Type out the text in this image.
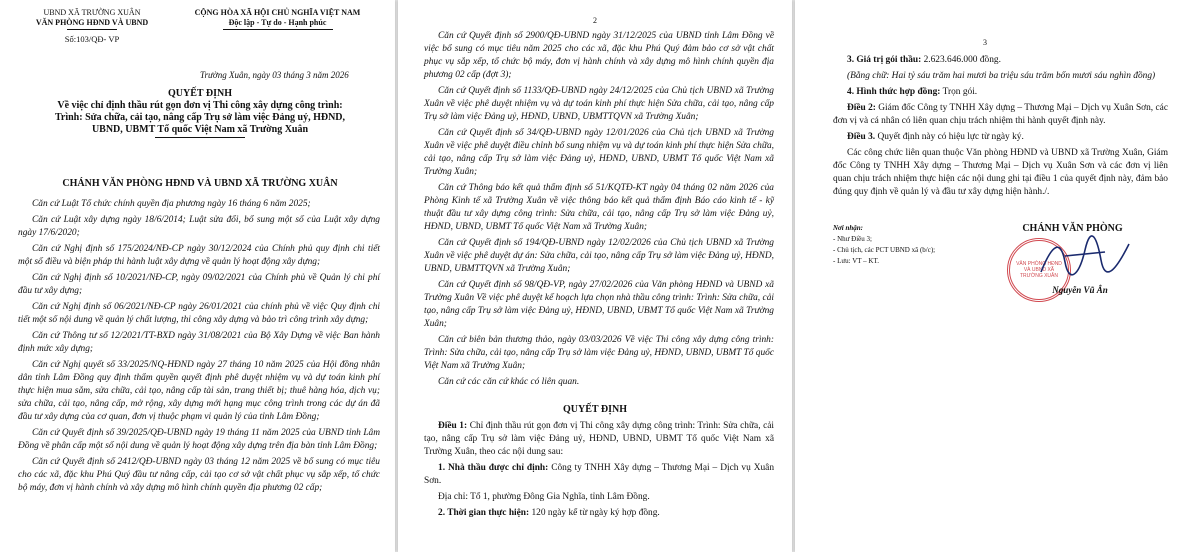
UBND XÃ TRƯỜNG XUÂN
VĂN PHÒNG HĐND VÀ UBND
Số:103/QĐ- VP
CỘNG HÒA XÃ HỘI CHỦ NGHĨA VIỆT NAM
Độc lập - Tự do - Hạnh phúc
Trường Xuân, ngày 03 tháng 3 năm 2026
QUYẾT ĐỊNH
Về việc chỉ định thầu rút gọn đơn vị Thi công xây dựng công trình:
Trình: Sửa chữa, cải tạo, nâng cấp Trụ sở làm việc Đảng uỷ, HĐND,
UBND, UBMT Tổ quốc Việt Nam xã Trường Xuân
CHÁNH VĂN PHÒNG HĐND VÀ UBND XÃ TRƯỜNG XUÂN

Căn cứ Luật Tổ chức chính quyền địa phương ngày 16 tháng 6 năm 2025;

Căn cứ Luật xây dựng ngày 18/6/2014; Luật sửa đổi, bổ sung một số của Luật xây dựng ngày 17/6/2020;

Căn cứ Nghị định số 175/2024/NĐ-CP ngày 30/12/2024 của Chính phủ quy định chi tiết một số điều và biện pháp thi hành luật xây dựng về quản lý hoạt động xây dựng;

Căn cứ Nghị định số 10/2021/NĐ-CP, ngày 09/02/2021 của Chính phủ về Quản lý chi phí đầu tư xây dựng;

Căn cứ Nghị định số 06/2021/NĐ-CP ngày 26/01/2021 của chính phủ về việc Quy định chi tiết một số nội dung về quản lý chất lượng, thi công xây dựng và bảo trì công trình xây dựng;

Căn cứ Thông tư số 12/2021/TT-BXD ngày 31/08/2021 của Bộ Xây Dựng về việc Ban hành định mức xây dựng;

Căn cứ Nghị quyết số 33/2025/NQ-HĐND ngày 27 tháng 10 năm 2025 của Hội đồng nhân dân tỉnh Lâm Đồng quy định thẩm quyền quyết định phê duyệt nhiệm vụ và dự toán kinh phí thực hiện mua sắm, sửa chữa, cải tạo, nâng cấp tài sản, trang thiết bị; thuê hàng hóa, dịch vụ; sửa chữa, cải tạo, nâng cấp, mở rộng, xây dựng mới hạng mục công trình trong các dự án đã đầu tư xây dựng của cơ quan, đơn vị thuộc phạm vi quản lý của tỉnh Lâm Đồng;

Căn cứ Quyết định số 39/2025/QĐ-UBND ngày 19 tháng 11 năm 2025 của UBND tỉnh Lâm Đồng về phân cấp một số nội dung về quản lý hoạt động xây dựng trên địa bàn tỉnh Lâm Đồng;

Căn cứ Quyết định số 2412/QĐ-UBND ngày 03 tháng 12 năm 2025 về bổ sung có mục tiêu cho các xã, đặc khu Phú Quý đầu tư nâng cấp, cải tạo cơ sở vật chất phục vụ sắp xếp, tổ chức bộ máy, đơn vị hành chính và xây dựng mô hình chính quyền địa phương 02 cấp;

2

Căn cứ Quyết định số 2900/QĐ-UBND ngày 31/12/2025 của UBND tỉnh Lâm Đồng về việc bổ sung có mục tiêu năm 2025 cho các xã, đặc khu Phú Quý đảm bảo cơ sở vật chất phục vụ sắp xếp, tổ chức bộ máy, đơn vị hành chính và xây dựng mô hình chính quyền địa phương 02 cấp (đợt 3);

Căn cứ Quyết định số 1133/QĐ-UBND ngày 24/12/2025 của Chủ tịch UBND xã Trường Xuân về việc phê duyệt nhiệm vụ và dự toán kinh phí thực hiện Sửa chữa, cải tạo, nâng cấp Trụ sở làm việc Đảng uỷ, HĐND, UBND, UBMTTQVN xã Trường Xuân;

Căn cứ Quyết định số 34/QĐ-UBND ngày 12/01/2026 của Chủ tịch UBND xã Trường Xuân về việc phê duyệt điều chỉnh bổ sung nhiệm vụ và dự toán kinh phí thực hiện Sửa chữa, cải tạo, nâng cấp Trụ sở làm việc Đảng uỷ, HĐND, UBND, UBMT Tổ quốc Việt Nam xã Trường Xuân;

Căn cứ Thông báo kết quả thẩm định số 51/KQTĐ-KT ngày 04 tháng 02 năm 2026 của Phòng Kinh tế xã Trường Xuân về việc thông báo kết quả thẩm định Báo cáo kinh tế - kỹ thuật đầu tư xây dựng công trình: Sửa chữa, cải tạo, nâng cấp Trụ sở làm việc Đảng uỷ, HĐND, UBND, UBMT Tổ quốc Việt Nam xã Trường Xuân;

Căn cứ Quyết định số 194/QĐ-UBND ngày 12/02/2026 của Chủ tịch UBND xã Trường Xuân về việc phê duyệt dự án: Sửa chữa, cải tạo, nâng cấp Trụ sở làm việc Đảng uỷ, HĐND, UBND, UBMTTQVN xã Trường Xuân;

Căn cứ Quyết định số 98/QĐ-VP, ngày 27/02/2026 của Văn phòng HĐND và UBND xã Trường Xuân Về việc phê duyệt kế hoạch lựa chọn nhà thầu công trình: Trình: Sửa chữa, cải tạo, nâng cấp Trụ sở làm việc Đảng uỷ, HĐND, UBND, UBMT Tổ quốc Việt Nam xã Trường Xuân;

Căn cứ biên bản thương thảo, ngày 03/03/2026 Về việc Thi công xây dựng công trình: Trình: Sửa chữa, cải tạo, nâng cấp Trụ sở làm việc Đảng uỷ, HĐND, UBND, UBMT Tổ quốc Việt Nam xã Trường Xuân;

Căn cứ các căn cứ khác có liên quan.

QUYẾT ĐỊNH

Điều 1: Chỉ định thầu rút gọn đơn vị Thi công xây dựng công trình: Trình: Sửa chữa, cải tạo, nâng cấp Trụ sở làm việc Đảng uỷ, HĐND, UBND, UBMT Tổ quốc Việt Nam xã Trường Xuân, theo các nội dung sau:

1. Nhà thầu được chỉ định: Công ty TNHH Xây dựng – Thương Mại – Dịch vụ Xuân Sơn.

Địa chỉ: Tổ 1, phường Đông Gia Nghĩa, tỉnh Lâm Đồng.

2. Thời gian thực hiện: 120 ngày kể từ ngày ký hợp đồng.

3

3. Giá trị gói thầu: 2.623.646.000 đồng.

(Bằng chữ: Hai tỷ sáu trăm hai mươi ba triệu sáu trăm bốn mươi sáu nghìn đồng)

4. Hình thức hợp đồng: Trọn gói.

Điều 2: Giám đốc Công ty TNHH Xây dựng – Thương Mại – Dịch vụ Xuân Sơn, các đơn vị và cá nhân có liên quan chịu trách nhiệm thi hành quyết định này.

Điều 3. Quyết định này có hiệu lực từ ngày ký.

Các công chức liên quan thuộc Văn phòng HĐND và UBND xã Trường Xuân, Giám đốc Công ty TNHH Xây dựng – Thương Mại – Dịch vụ Xuân Sơn và các đơn vị liên quan chịu trách nhiệm thực hiện các nội dung ghi tại điều 1 của quyết định này, đảm bảo đúng quy định về quản lý và đầu tư xây dựng hiện hành./.

Nơi nhận:
- Như Điều 3;
- Chủ tịch, các PCT UBND xã (b/c);
- Lưu: VT – KT.
CHÁNH VĂN PHÒNG
VĂN PHÒNG HĐND VÀ UBND XÃ TRƯỜNG XUÂN
Nguyễn Vũ Ân
